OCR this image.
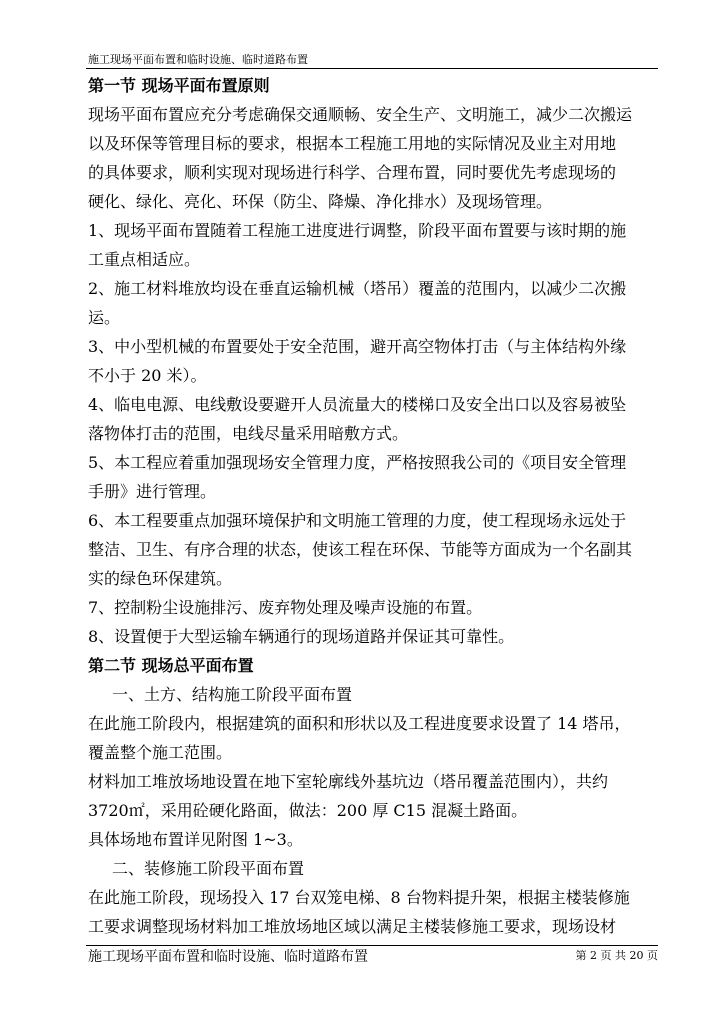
施工现场平面布置和临时设施、临时道路布置
第一节 现场平面布置原则
现场平面布置应充分考虑确保交通顺畅、安全生产、文明施工，减少二次搬运
以及环保等管理目标的要求，根据本工程施工用地的实际情况及业主对用地
的具体要求，顺利实现对现场进行科学、合理布置，同时要优先考虑现场的
硬化、绿化、亮化、环保（防尘、降燥、净化排水）及现场管理。
1、现场平面布置随着工程施工进度进行调整，阶段平面布置要与该时期的施
工重点相适应。
2、施工材料堆放均设在垂直运输机械（塔吊）覆盖的范围内，以减少二次搬
运。
3、中小型机械的布置要处于安全范围，避开高空物体打击（与主体结构外缘
不小于 20 米）。
4、临电电源、电线敷设要避开人员流量大的楼梯口及安全出口以及容易被坠
落物体打击的范围，电线尽量采用暗敷方式。
5、本工程应着重加强现场安全管理力度，严格按照我公司的《项目安全管理
手册》进行管理。
6、本工程要重点加强环境保护和文明施工管理的力度，使工程现场永远处于
整洁、卫生、有序合理的状态，使该工程在环保、节能等方面成为一个名副其
实的绿色环保建筑。
7、控制粉尘设施排污、废弃物处理及噪声设施的布置。
8、设置便于大型运输车辆通行的现场道路并保证其可靠性。
第二节 现场总平面布置
一、土方、结构施工阶段平面布置
在此施工阶段内，根据建筑的面积和形状以及工程进度要求设置了 14 塔吊，
覆盖整个施工范围。
材料加工堆放场地设置在地下室轮廓线外基坑边（塔吊覆盖范围内），共约
3720㎡，采用砼硬化路面，做法：200 厚 C15 混凝土路面。
具体场地布置详见附图 1~3。
二、装修施工阶段平面布置
在此施工阶段，现场投入 17 台双笼电梯、8 台物料提升架，根据主楼装修施
工要求调整现场材料加工堆放场地区域以满足主楼装修施工要求，现场设材
施工现场平面布置和临时设施、临时道路布置	第 2 页 共 20 页
